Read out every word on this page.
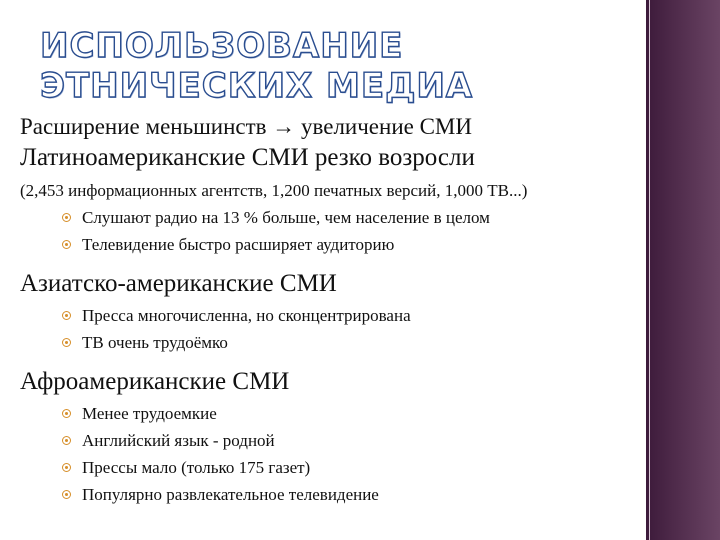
ИСПОЛЬЗОВАНИЕ
ЭТНИЧЕСКИХ МЕДИА
Расширение меньшинств → увеличение СМИ
Латиноамериканские СМИ резко возросли
(2,453 информационных агентств, 1,200 печатных версий, 1,000 ТВ...)
Слушают радио на 13 % больше, чем население в целом
Телевидение быстро расширяет аудиторию
Азиатско-американские СМИ
Пресса многочисленна, но сконцентрирована
ТВ очень трудоёмко
Афроамериканские СМИ
Менее трудоемкие
Английский язык - родной
Прессы мало (только 175 газет)
Популярно развлекательное телевидение
